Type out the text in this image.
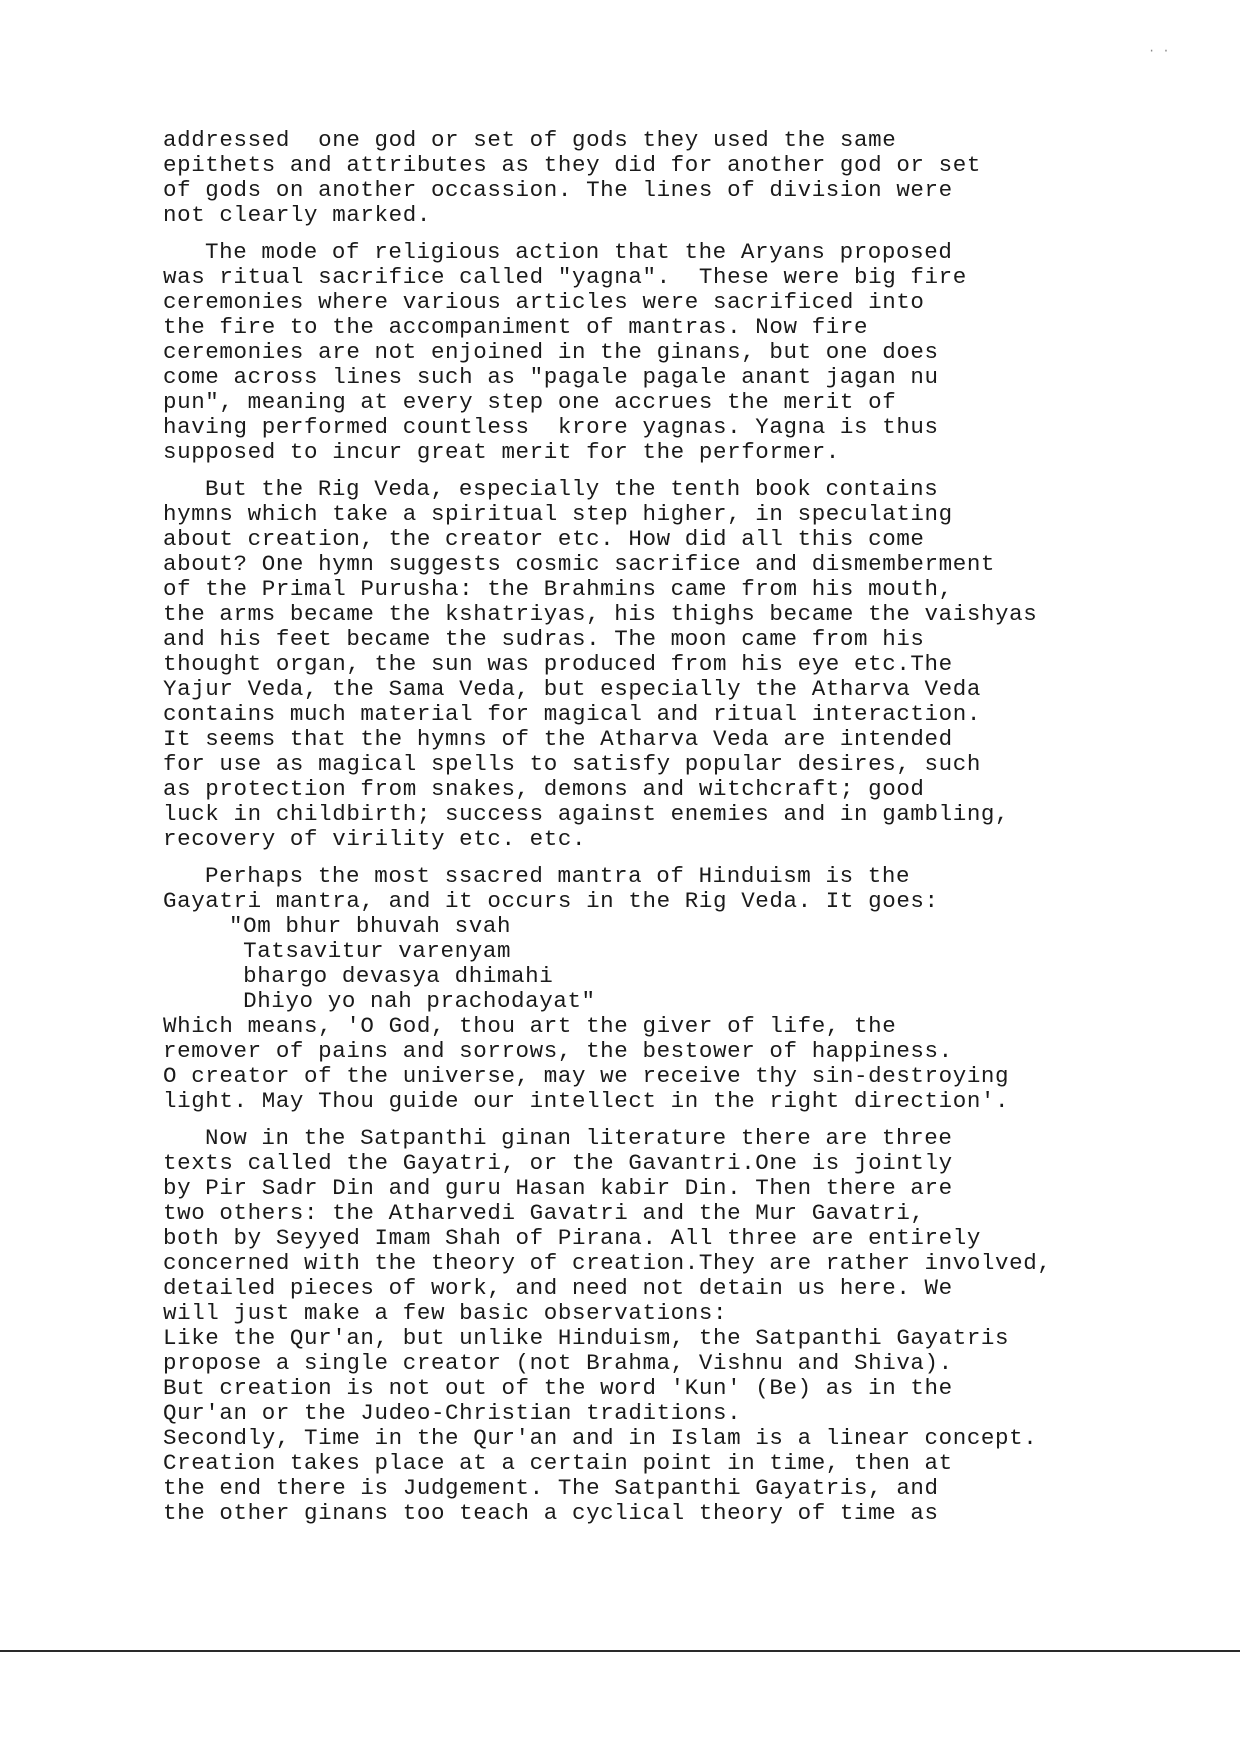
· ·
addressed  one god or set of gods they used the same
epithets and attributes as they did for another god or set
of gods on another occassion. The lines of division were
not clearly marked.
The mode of religious action that the Aryans proposed
was ritual sacrifice called "yagna".  These were big fire
ceremonies where various articles were sacrificed into
the fire to the accompaniment of mantras. Now fire
ceremonies are not enjoined in the ginans, but one does
come across lines such as "pagale pagale anant jagan nu
pun", meaning at every step one accrues the merit of
having performed countless  krore yagnas. Yagna is thus
supposed to incur great merit for the performer.
But the Rig Veda, especially the tenth book contains
hymns which take a spiritual step higher, in speculating
about creation, the creator etc. How did all this come
about? One hymn suggests cosmic sacrifice and dismemberment
of the Primal Purusha: the Brahmins came from his mouth,
the arms became the kshatriyas, his thighs became the vaishyas
and his feet became the sudras. The moon came from his
thought organ, the sun was produced from his eye etc.The
Yajur Veda, the Sama Veda, but especially the Atharva Veda
contains much material for magical and ritual interaction.
It seems that the hymns of the Atharva Veda are intended
for use as magical spells to satisfy popular desires, such
as protection from snakes, demons and witchcraft; good
luck in childbirth; success against enemies and in gambling,
recovery of virility etc. etc.
Perhaps the most ssacred mantra of Hinduism is the
Gayatri mantra, and it occurs in the Rig Veda. It goes:
"Om bhur bhuvah svah
Tatsavitur varenyam
bhargo devasya dhimahi
Dhiyo yo nah prachodayat"
Which means, 'O God, thou art the giver of life, the
remover of pains and sorrows, the bestower of happiness.
O creator of the universe, may we receive thy sin-destroying
light. May Thou guide our intellect in the right direction'.
Now in the Satpanthi ginan literature there are three
texts called the Gayatri, or the Gavantri.One is jointly
by Pir Sadr Din and guru Hasan kabir Din. Then there are
two others: the Atharvedi Gavatri and the Mur Gavatri,
both by Seyyed Imam Shah of Pirana. All three are entirely
concerned with the theory of creation.They are rather involved,
detailed pieces of work, and need not detain us here. We
will just make a few basic observations:
Like the Qur'an, but unlike Hinduism, the Satpanthi Gayatris
propose a single creator (not Brahma, Vishnu and Shiva).
But creation is not out of the word 'Kun' (Be) as in the
Qur'an or the Judeo-Christian traditions.
Secondly, Time in the Qur'an and in Islam is a linear concept.
Creation takes place at a certain point in time, then at
the end there is Judgement. The Satpanthi Gayatris, and
the other ginans too teach a cyclical theory of time as
